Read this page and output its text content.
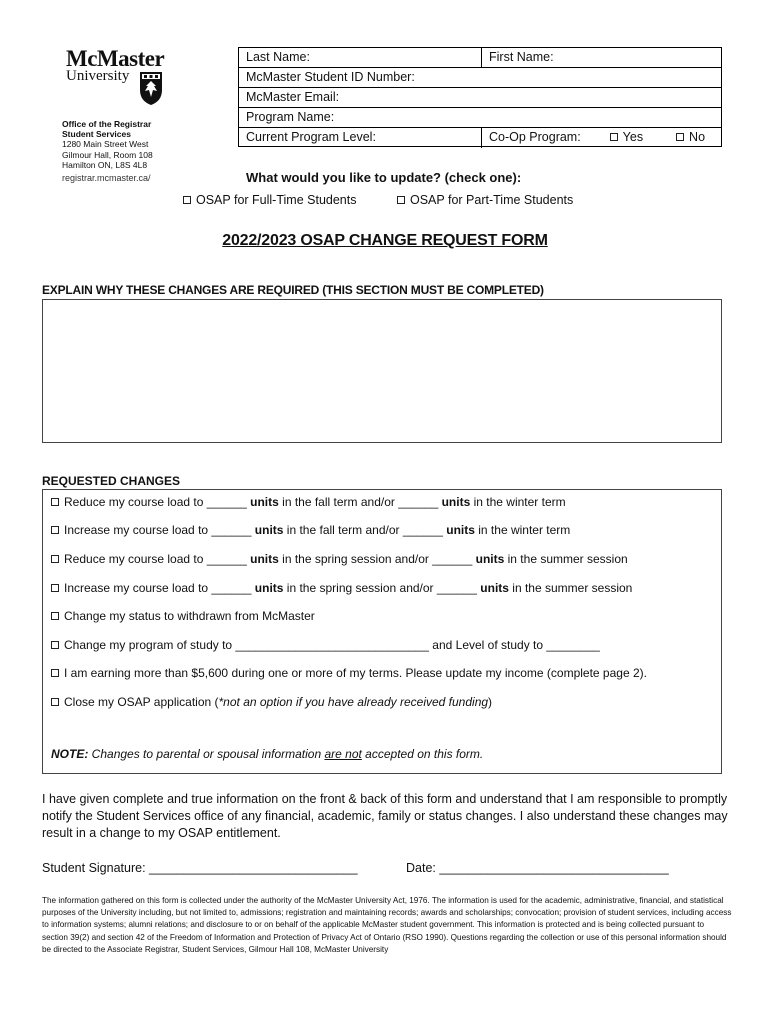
McMaster
University
Office of the Registrar
Student Services
1280 Main Street West
Gilmour Hall, Room 108
Hamilton ON, L8S 4L8
registrar.mcmaster.ca/
Last Name:	First Name:
McMaster Student ID Number:
McMaster Email:
Program Name:
Current Program Level:	Co-Op Program:	Yes	No
What would you like to update? (check one):
OSAP for Full-Time Students	OSAP for Part-Time Students
2022/2023 OSAP CHANGE REQUEST FORM
EXPLAIN WHY THESE CHANGES ARE REQUIRED (THIS SECTION MUST BE COMPLETED)
REQUESTED CHANGES
Reduce my course load to ______ units in the fall term and/or ______ units in the winter term
Increase my course load to ______ units in the fall term and/or ______ units in the winter term
Reduce my course load to ______ units in the spring session and/or ______ units in the summer session
Increase my course load to ______ units in the spring session and/or ______ units in the summer session
Change my status to withdrawn from McMaster
Change my program of study to _____________________________ and Level of study to ________
I am earning more than $5,600 during one or more of my terms. Please update my income (complete page 2).
Close my OSAP application (*not an option if you have already received funding)
NOTE: Changes to parental or spousal information are not accepted on this form.
I have given complete and true information on the front & back of this form and understand that I am responsible to promptly notify the Student Services office of any financial, academic, family or status changes. I also understand these changes may result in a change to my OSAP entitlement.
Student Signature: ______________________________	Date: _________________________________
The information gathered on this form is collected under the authority of the McMaster University Act, 1976. The information is used for the academic, administrative, financial, and statistical purposes of the University including, but not limited to, admissions; registration and maintaining records; awards and scholarships; convocation; provision of student services, including access to information systems; alumni relations; and disclosure to or on behalf of the applicable McMaster student government. This information is protected and is being collected pursuant to section 39(2) and section 42 of the Freedom of Information and Protection of Privacy Act of Ontario (RSO 1990). Questions regarding the collection or use of this personal information should be directed to the Associate Registrar, Student Services, Gilmour Hall 108, McMaster University
